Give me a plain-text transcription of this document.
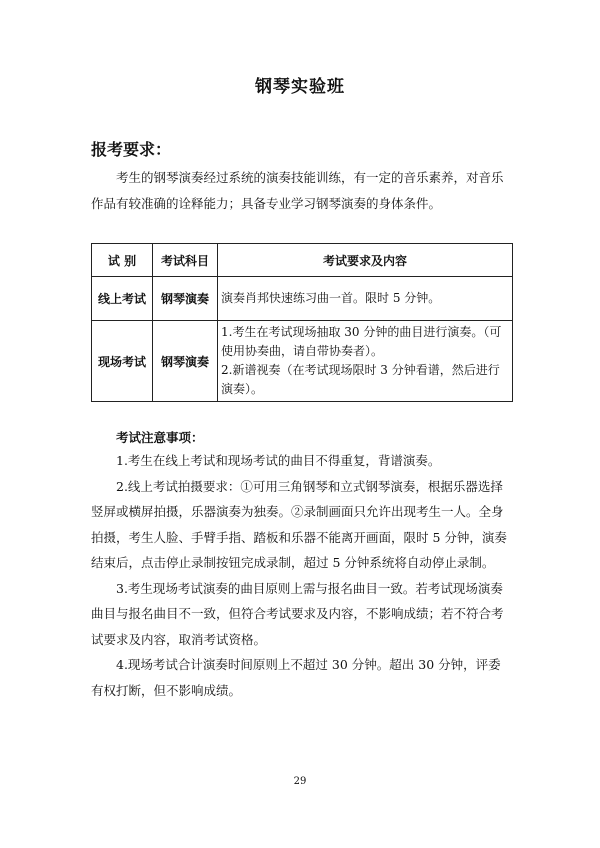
钢琴实验班
报考要求：

考生的钢琴演奏经过系统的演奏技能训练，有一定的音乐素养，对音乐作品有较准确的诠释能力；具备专业学习钢琴演奏的身体条件。

试 别	考试科目	考试要求及内容
线上考试	钢琴演奏	演奏肖邦快速练习曲一首。限时 5 分钟。

现场考试	钢琴演奏	1.考生在考试现场抽取 30 分钟的曲目进行演奏。（可使用协奏曲，请自带协奏者）。
2.新谱视奏（在考试现场限时 3 分钟看谱，然后进行演奏）。
考试注意事项：

1.考生在线上考试和现场考试的曲目不得重复，背谱演奏。

2.线上考试拍摄要求：①可用三角钢琴和立式钢琴演奏，根据乐器选择竖屏或横屏拍摄，乐器演奏为独奏。②录制画面只允许出现考生一人。全身拍摄，考生人脸、手臂手指、踏板和乐器不能离开画面，限时 5 分钟，演奏结束后，点击停止录制按钮完成录制，超过 5 分钟系统将自动停止录制。

3.考生现场考试演奏的曲目原则上需与报名曲目一致。若考试现场演奏曲目与报名曲目不一致，但符合考试要求及内容，不影响成绩；若不符合考试要求及内容，取消考试资格。

4.现场考试合计演奏时间原则上不超过 30 分钟。超出 30 分钟，评委有权打断，但不影响成绩。

29
